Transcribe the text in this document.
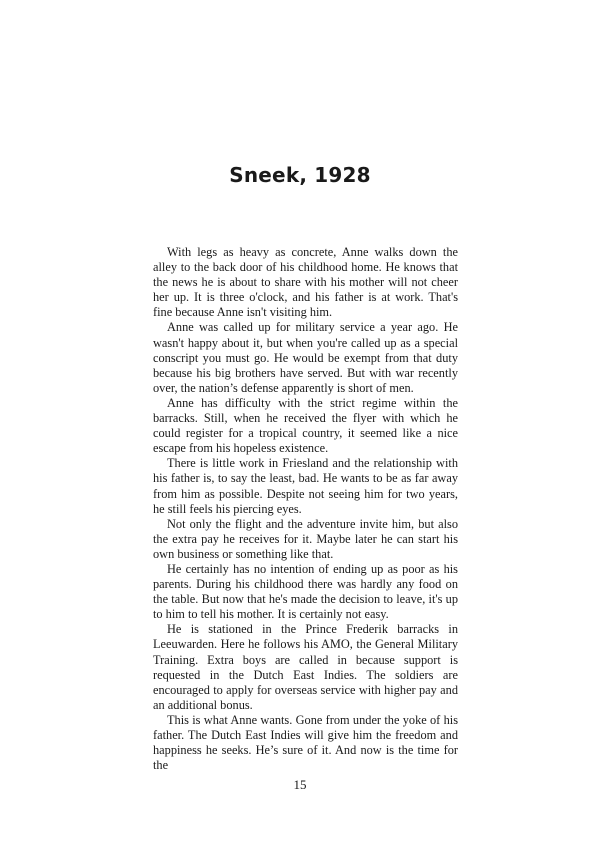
Sneek, 1928

With legs as heavy as concrete, Anne walks down the alley to the back door of his childhood home. He knows that the news he is about to share with his mother will not cheer her up. It is three o'clock, and his father is at work. That's fine because Anne isn't visiting him.

Anne was called up for military service a year ago. He wasn't happy about it, but when you're called up as a special conscript you must go. He would be exempt from that duty because his big brothers have served. But with war recently over, the nation’s defense apparently is short of men.

Anne has difficulty with the strict regime within the barracks. Still, when he received the flyer with which he could register for a tropical country, it seemed like a nice escape from his hopeless existence.

There is little work in Friesland and the relationship with his father is, to say the least, bad. He wants to be as far away from him as possible. Despite not seeing him for two years, he still feels his piercing eyes.

Not only the flight and the adventure invite him, but also the extra pay he receives for it. Maybe later he can start his own business or something like that.

He certainly has no intention of ending up as poor as his parents. During his childhood there was hardly any food on the table. But now that he's made the decision to leave, it's up to him to tell his mother. It is certainly not easy.

He is stationed in the Prince Frederik barracks in Leeuwarden. Here he follows his AMO, the General Military Training. Extra boys are called in because support is requested in the Dutch East Indies. The soldiers are encouraged to apply for overseas service with higher pay and an additional bonus.

This is what Anne wants. Gone from under the yoke of his father. The Dutch East Indies will give him the freedom and happiness he seeks. He’s sure of it. And now is the time for the

15
